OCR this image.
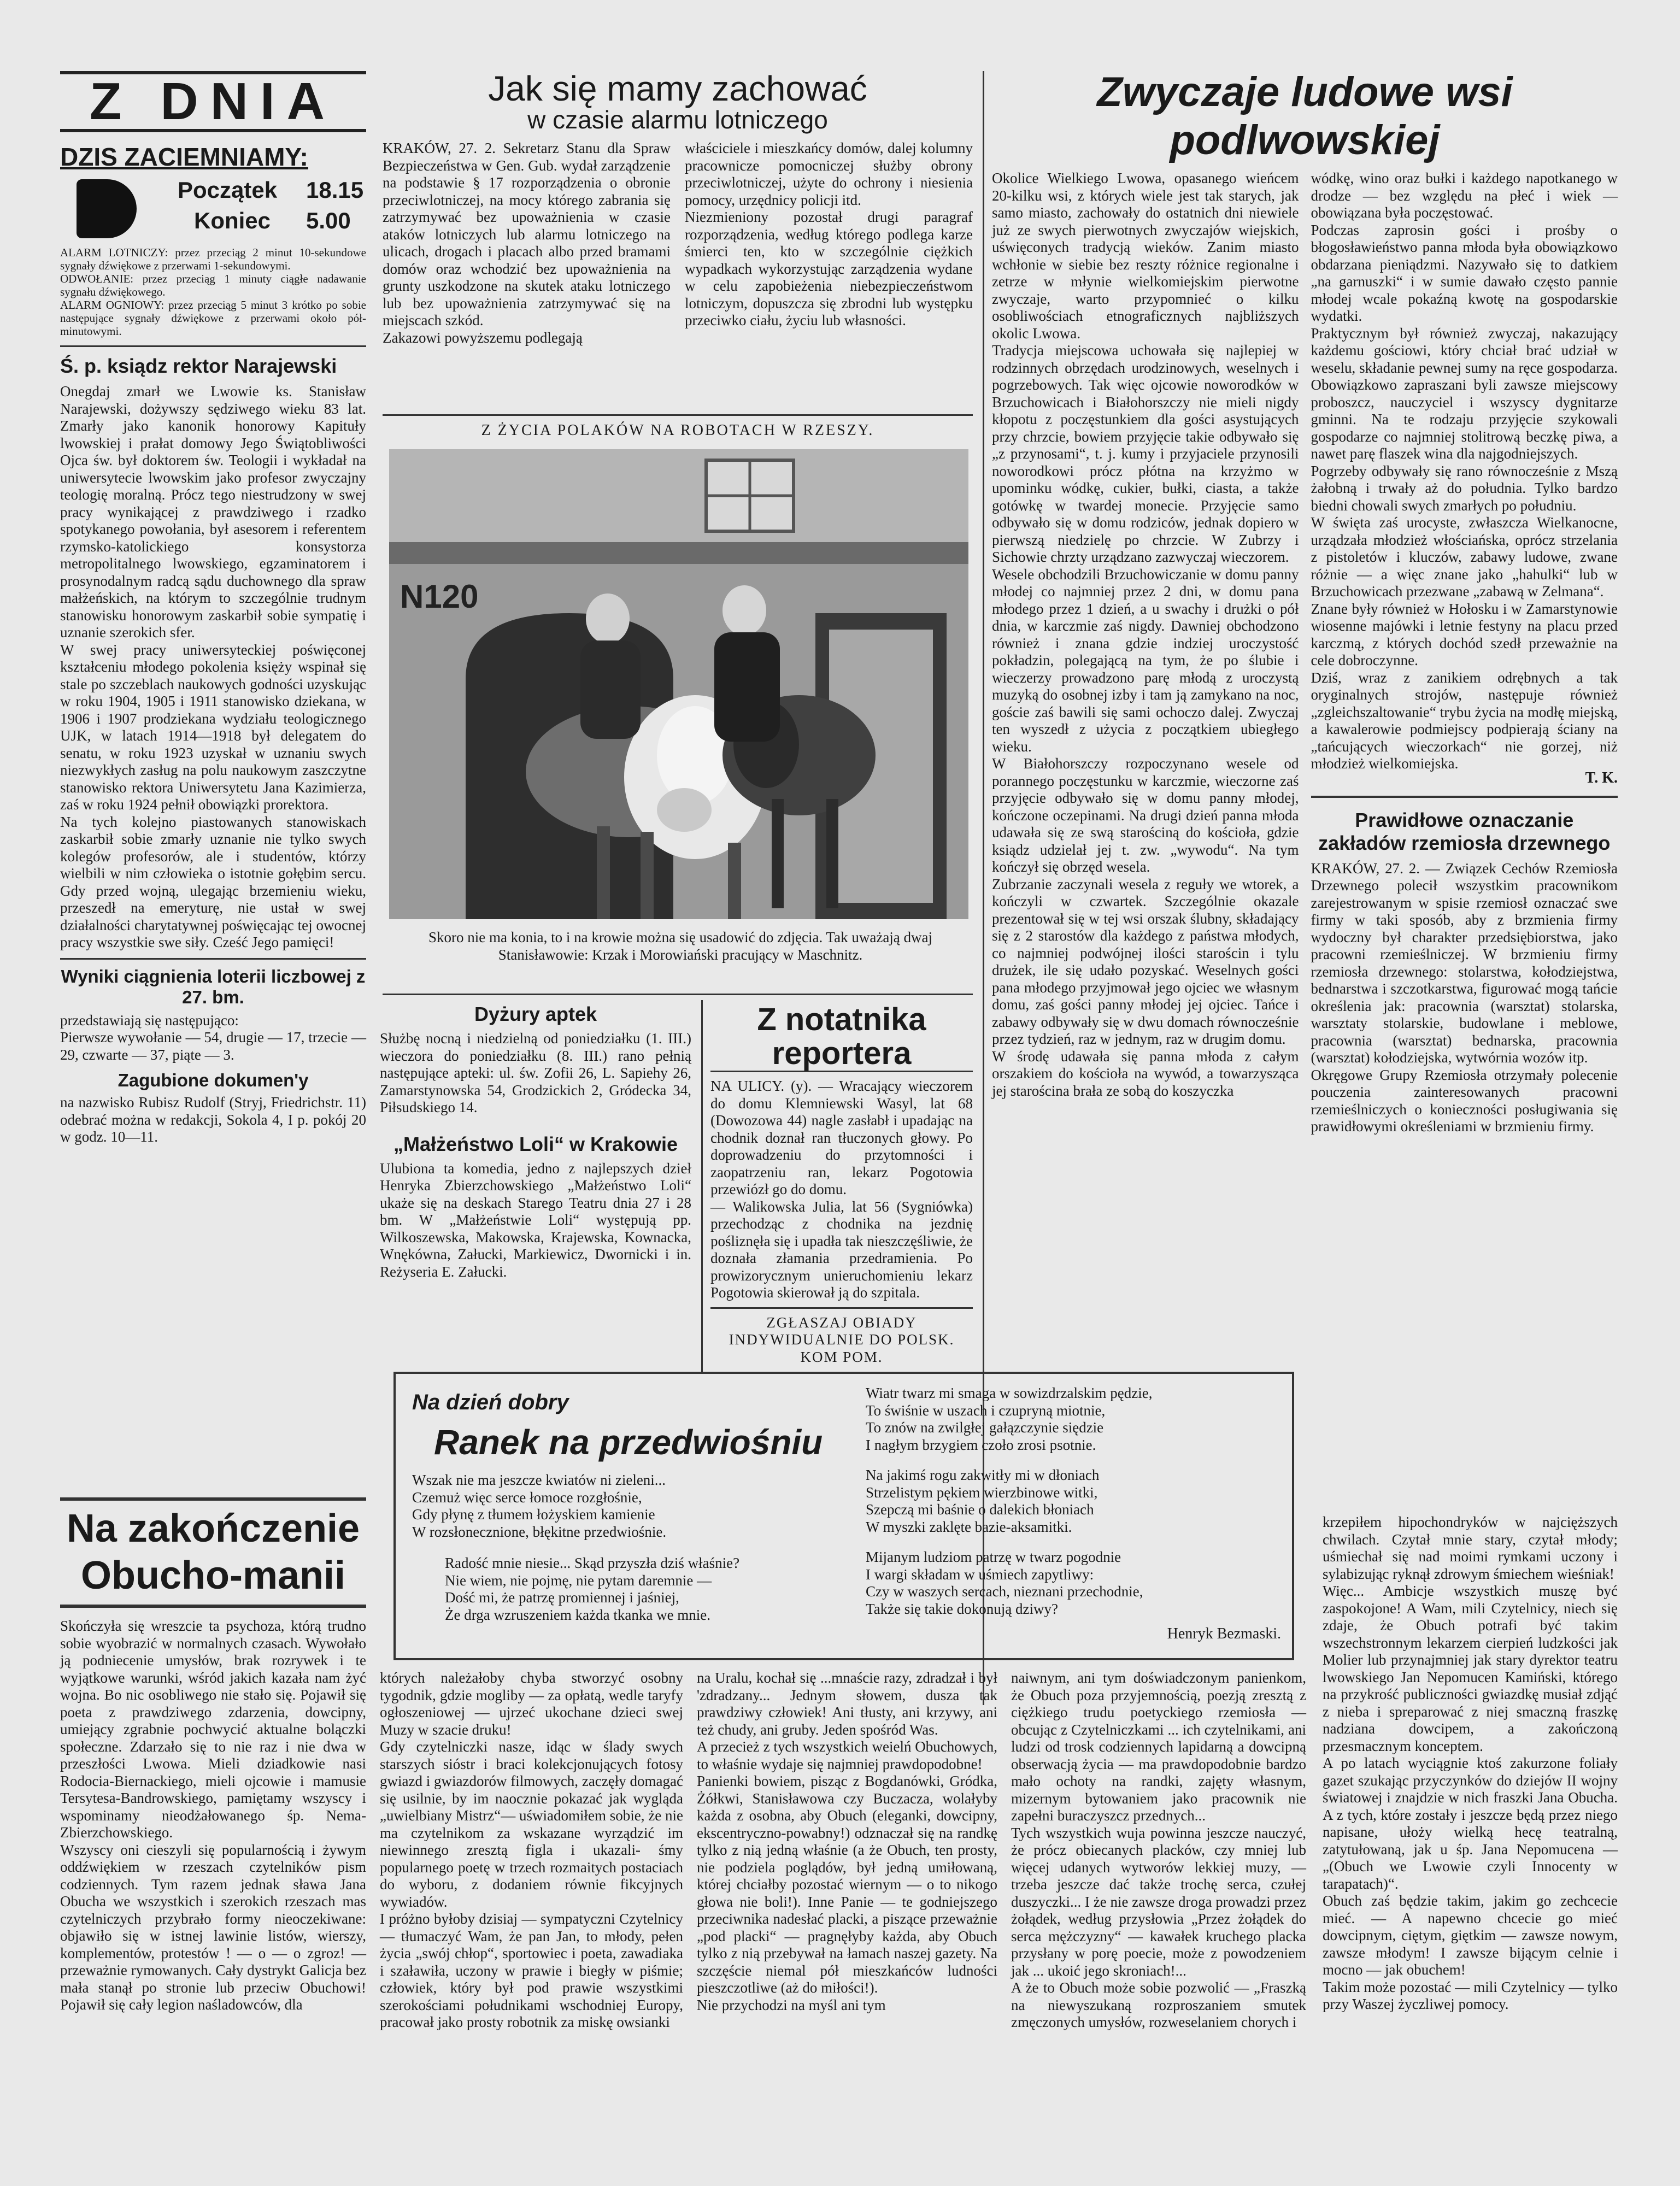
Z DNIA
DZIS ZACIEMNIAMY:
Początek 18.15
Koniec 5.00

ALARM LOTNICZY: przez przeciąg 2 minut 10-sekundowe sygnały dźwiękowe z przerwami 1-sekundowymi.
ODWOŁANIE: przez przeciąg 1 minuty ciągłe nadawanie sygnału dźwiękowego.
ALARM OGNIOWY: przez przeciąg 5 minut 3 krótko po sobie następujące sygnały dźwiękowe z przerwami około pół-minutowymi.

Ś. p. ksiądz rektor Narajewski

Onegdaj zmarł we Lwowie ks. Stanisław Narajewski, dożywszy sędziwego wieku 83 lat. Zmarły jako kanonik honorowy Kapituły lwowskiej i prałat domowy Jego Świątobliwości Ojca św. był doktorem św. Teologii i wykładał na uniwersytecie lwowskim jako profesor zwyczajny teologię moralną. Prócz tego niestrudzony w swej pracy wynikającej z prawdziwego i rzadko spotykanego powołania, był asesorem i referentem rzymsko-katolickiego konsystorza metropolitalnego lwowskiego, egzaminatorem i prosynodalnym radcą sądu duchownego dla spraw małżeńskich, na którym to szczególnie trudnym stanowisku honorowym zaskarbił sobie sympatię i uznanie szerokich sfer.
W swej pracy uniwersyteckiej poświęconej kształceniu młodego pokolenia księży wspinał się stale po szczeblach naukowych godności uzyskując w roku 1904, 1905 i 1911 stanowisko dziekana, w 1906 i 1907 prodziekana wydziału teologicznego UJK, w latach 1914—1918 był delegatem do senatu, w roku 1923 uzyskał w uznaniu swych niezwykłych zasług na polu naukowym zaszczytne stanowisko rektora Uniwersytetu Jana Kazimierza, zaś w roku 1924 pełnił obowiązki prorektora.
Na tych kolejno piastowanych stanowiskach zaskarbił sobie zmarły uznanie nie tylko swych kolegów profesorów, ale i studentów, którzy wielbili w nim człowieka o istotnie gołębim sercu. Gdy przed wojną, ulegając brzemieniu wieku, przeszedł na emeryturę, nie ustał w swej działalności charytatywnej poświęcając tej owocnej pracy wszystkie swe siły. Cześć Jego pamięci!

Wyniki ciągnienia loterii liczbowej z 27. bm.

przedstawiają się następująco:
Pierwsze wywołanie — 54, drugie — 17, trzecie — 29, czwarte — 37, piąte — 3.

Zagubione dokumen'y

na nazwisko Rubisz Rudolf (Stryj, Friedrichstr. 11) odebrać można w redakcji, Sokola 4, I p. pokój 20 w godz. 10—11.

Jak się mamy zachować
w czasie alarmu lotniczego

KRAKÓW, 27. 2. Sekretarz Stanu dla Spraw Bezpieczeństwa w Gen. Gub. wydał zarządzenie na podstawie § 17 rozporządzenia o obronie przeciwlotniczej, na mocy którego zabrania się zatrzymywać bez upoważnienia w czasie ataków lotniczych lub alarmu lotniczego na ulicach, drogach i placach albo przed bramami domów oraz wchodzić bez upoważnienia na grunty uszkodzone na skutek ataku lotniczego lub bez upoważnienia zatrzymywać się na miejscach szkód.
Zakazowi powyższemu podlegają

właściciele i mieszkańcy domów, dalej kolumny pracownicze pomocniczej służby obrony przeciwlotniczej, użyte do ochrony i niesienia pomocy, urzędnicy policji itd.
Niezmieniony pozostał drugi paragraf rozporządzenia, według którego podlega karze śmierci ten, kto w szczególnie ciężkich wypadkach wykorzystując zarządzenia wydane w celu zapobieżenia niebezpieczeństwom lotniczym, dopuszcza się zbrodni lub występku przeciwko ciału, życiu lub własności.

Z ŻYCIA POLAKÓW NA ROBOTACH W RZESZY.
N120

Skoro nie ma konia, to i na krowie można się usadowić do zdjęcia. Tak uważają dwaj Stanisławowie: Krzak i Morowiański pracujący w Maschnitz.

Dyżury aptek

Służbę nocną i niedzielną od poniedziałku (1. III.) wieczora do poniedziałku (8. III.) rano pełnią następujące apteki: ul. św. Zofii 26, L. Sapiehy 26, Zamarstynowska 54, Grodzickich 2, Gródecka 34, Piłsudskiego 14.

„Małżeństwo Loli“ w Krakowie

Ulubiona ta komedia, jedno z najlepszych dzieł Henryka Zbierzchowskiego „Małżeństwo Loli“ ukaże się na deskach Starego Teatru dnia 27 i 28 bm. W „Małżeństwie Loli“ występują pp. Wilkoszewska, Makowska, Krajewska, Kownacka, Wnękówna, Załucki, Markiewicz, Dwornicki i in. Reżyseria E. Załucki.

Z notatnika reportera

NA ULICY. (y). — Wracający wieczorem do domu Klemniewski Wasyl, lat 68 (Dowozowa 44) nagle zasłabł i upadając na chodnik doznał ran tłuczonych głowy. Po doprowadzeniu do przytomności i zaopatrzeniu ran, lekarz Pogotowia przewiózł go do domu.
— Walikowska Julia, lat 56 (Sygniówka) przechodząc z chodnika na jezdnię pośliznęła się i upadła tak nieszczęśliwie, że doznała złamania przedramienia. Po prowizorycznym unieruchomieniu lekarz Pogotowia skierował ją do szpitala.

ZGŁASZAJ OBIADY INDYWIDUALNIE DO POLSK. KOM POM.

Zwyczaje ludowe wsi podlwowskiej

Okolice Wielkiego Lwowa, opasanego wieńcem 20-kilku wsi, z których wiele jest tak starych, jak samo miasto, zachowały do ostatnich dni niewiele już ze swych pierwotnych zwyczajów wiejskich, uświęconych tradycją wieków. Zanim miasto wchłonie w siebie bez reszty różnice regionalne i zetrze w młynie wielkomiejskim pierwotne zwyczaje, warto przypomnieć o kilku osobliwościach etnograficznych najbliższych okolic Lwowa.
Tradycja miejscowa uchowała się najlepiej w rodzinnych obrzędach urodzinowych, weselnych i pogrzebowych. Tak więc ojcowie noworodków w Brzuchowicach i Białohorszczy nie mieli nigdy kłopotu z poczęstunkiem dla gości asystujących przy chrzcie, bowiem przyjęcie takie odbywało się „z przynosami“, t. j. kumy i przyjaciele przynosili noworodkowi prócz płótna na krzyżmo w upominku wódkę, cukier, bułki, ciasta, a także gotówkę w twardej monecie. Przyjęcie samo odbywało się w domu rodziców, jednak dopiero w pierwszą niedzielę po chrzcie. W Zubrzy i Sichowie chrzty urządzano zazwyczaj wieczorem.
Wesele obchodzili Brzuchowiczanie w domu panny młodej co najmniej przez 2 dni, w domu pana młodego przez 1 dzień, a u swachy i drużki o pół dnia, w karczmie zaś nigdy. Dawniej obchodzono również i znana gdzie indziej uroczystość pokładzin, polegającą na tym, że po ślubie i wieczerzy prowadzono parę młodą z uroczystą muzyką do osobnej izby i tam ją zamykano na noc, goście zaś bawili się sami ochoczo dalej. Zwyczaj ten wyszedł z użycia z początkiem ubiegłego wieku.
W Białohorszczy rozpoczynano wesele od porannego poczęstunku w karczmie, wieczorne zaś przyjęcie odbywało się w domu panny młodej, kończone oczepinami. Na drugi dzień panna młoda udawała się ze swą starościną do kościoła, gdzie ksiądz udzielał jej t. zw. „wywodu“. Na tym kończył się obrzęd wesela.
Zubrzanie zaczynali wesela z reguły we wtorek, a kończyli w czwartek. Szczególnie okazale prezentował się w tej wsi orszak ślubny, składający się z 2 starostów dla każdego z państwa młodych, co najmniej podwójnej ilości starościn i tylu drużek, ile się udało pozyskać. Weselnych gości pana młodego przyjmował jego ojciec we własnym domu, zaś gości panny młodej jej ojciec. Tańce i zabawy odbywały się w dwu domach równocześnie przez tydzień, raz w jednym, raz w drugim domu.
W środę udawała się panna młoda z całym orszakiem do kościoła na wywód, a towarzysząca jej starościna brała ze sobą do koszyczka

wódkę, wino oraz bułki i każdego napotkanego w drodze — bez względu na płeć i wiek — obowiązana była poczęstować.
Podczas zaprosin gości i prośby o błogosławieństwo panna młoda była obowiązkowo obdarzana pieniądzmi. Nazywało się to datkiem „na garnuszki“ i w sumie dawało często pannie młodej wcale pokaźną kwotę na gospodarskie wydatki.
Praktycznym był również zwyczaj, nakazujący każdemu gościowi, który chciał brać udział w weselu, składanie pewnej sumy na ręce gospodarza. Obowiązkowo zapraszani byli zawsze miejscowy proboszcz, nauczyciel i wszyscy dygnitarze gminni. Na te rodzaju przyjęcie szykowali gospodarze co najmniej stolitrową beczkę piwa, a nawet parę flaszek wina dla najgodniejszych.
Pogrzeby odbywały się rano równocześnie z Mszą żałobną i trwały aż do południa. Tylko bardzo biedni chowali swych zmarłych po południu.
W święta zaś urocyste, zwłaszcza Wielkanocne, urządzała młodzież włościańska, oprócz strzelania z pistoletów i kluczów, zabawy ludowe, zwane różnie — a więc znane jako „hahulki“ lub w Brzuchowicach przezwane „zabawą w Zelmana“.
Znane były również w Hołosku i w Zamarstynowie wiosenne majówki i letnie festyny na placu przed karczmą, z których dochód szedł przeważnie na cele dobroczynne.
Dziś, wraz z zanikiem odrębnych a tak oryginalnych strojów, następuje również „zgleichszaltowanie“ trybu życia na modłę miejską, a kawalerowie podmiejscy podpierają ściany na „tańcujących wieczorkach“ nie gorzej, niż młodzież wielkomiejska.

T. K.
Prawidłowe oznaczanie zakładów rzemiosła drzewnego

KRAKÓW, 27. 2. — Związek Cechów Rzemiosła Drzewnego polecił wszystkim pracownikom zarejestrowanym w spisie rzemiosł oznaczać swe firmy w taki sposób, aby z brzmienia firmy wydoczny był charakter przedsiębiorstwa, jako pracowni rzemieślniczej. W brzmieniu firmy rzemiosła drzewnego: stolarstwa, kołodziejstwa, bednarstwa i szczotkarstwa, figurować mogą tańcie określenia jak: pracownia (warsztat) stolarska, warsztaty stolarskie, budowlane i meblowe, pracownia (warsztat) bednarska, pracownia (warsztat) kołodziejska, wytwórnia wozów itp.
Okręgowe Grupy Rzemiosła otrzymały polecenie pouczenia zainteresowanych pracowni rzemieślniczych o konieczności posługiwania się prawidłowymi określeniami w brzmieniu firmy.

Na dzień dobry
Ranek na przedwiośniu

Wszak nie ma jeszcze kwiatów ni zieleni...
Czemuż więc serce łomoce rozgłośnie,
Gdy płynę z tłumem łożyskiem kamienie
W rozsłonecznione, błękitne przedwiośnie.

Radość mnie niesie... Skąd przyszła dziś właśnie?
Nie wiem, nie pojmę, nie pytam daremnie —
Dość mi, że patrzę promiennej i jaśniej,
Że drga wzruszeniem każda tkanka we mnie.

Wiatr twarz mi smaga w sowizdrzalskim pędzie,
To świśnie w uszach i czupryną miotnie,
To znów na zwilgłej gałązczynie siędzie
I nagłym brzygiem czoło zrosi psotnie.

Na jakimś rogu zakwitły mi w dłoniach
Strzelistym pękiem wierzbinowe witki,
Szepczą mi baśnie o dalekich błoniach
W myszki zaklęte bazie-aksamitki.

Mijanym ludziom patrzę w twarz pogodnie
I wargi składam w uśmiech zapytliwy:
Czy w waszych sercach, nieznani przechodnie,
Także się takie dokonują dziwy?

Henryk Bezmaski.
Na zakończenie
Obucho-manii

Skończyła się wreszcie ta psychoza, którą trudno sobie wyobrazić w normalnych czasach. Wywołało ją podniecenie umysłów, brak rozrywek i te wyjątkowe warunki, wśród jakich kazała nam żyć wojna. Bo nic osobliwego nie stało się. Pojawił się poeta z prawdziwego zdarzenia, dowcipny, umiejący zgrabnie pochwycić aktualne bolączki społeczne. Zdarzało się to nie raz i nie dwa w przeszłości Lwowa. Mieli dziadkowie nasi Rodocia-Biernackiego, mieli ojcowie i mamusie Tersytesa-Bandrowskiego, pamiętamy wszyscy i wspominamy nieodżałowanego śp. Nema-Zbierzchowskiego.
Wszyscy oni cieszyli się popularnością i żywym oddźwiękiem w rzeszach czytelników pism codziennych. Tym razem jednak sława Jana Obucha we wszystkich i szerokich rzeszach mas czytelniczych przybrało formy nieoczekiwane: objawiło się w istnej lawinie listów, wierszy, komplementów, protestów ! — o — o zgroz! — przeważnie rymowanych. Cały dystrykt Galicja bez mała stanął po stronie lub przeciw Obuchowi! Pojawił się cały legion naśladowców, dla

których należałoby chyba stworzyć osobny tygodnik, gdzie mogliby — za opłatą, wedle taryfy ogłoszeniowej — ujrzeć ukochane dzieci swej Muzy w szacie druku!
Gdy czytelniczki nasze, idąc w ślady swych starszych sióstr i braci kolekcjonujących fotosy gwiazd i gwiazdorów filmowych, zaczęły domagać się usilnie, by im naocznie pokazać jak wygląda „uwielbiany Mistrz“— uświadomiłem sobie, że nie ma czytelnikom za wskazane wyrządzić im niewinnego zresztą figla i ukazali- śmy popularnego poetę w trzech rozmaitych postaciach do wyboru, z dodaniem równie fikcyjnych wywiadów.
I próżno byłoby dzisiaj — sympatyczni Czytelnicy — tłumaczyć Wam, że pan Jan, to młody, pełen życia „swój chłop“, sportowiec i poeta, zawadiaka i szaławiła, uczony w prawie i biegły w piśmie; człowiek, który był pod prawie wszystkimi szerokościami południkami wschodniej Europy, pracował jako prosty robotnik za miskę owsianki

na Uralu, kochał się ...mnaście razy, zdradzał i był 'zdradzany... Jednym słowem, dusza tak prawdziwy człowiek! Ani tłusty, ani krzywy, ani też chudy, ani gruby. Jeden spośród Was.
A przecież z tych wszystkich weielń Obuchowych, to właśnie wydaje się najmniej prawdopodobne!
Panienki bowiem, pisząc z Bogdanówki, Gródka, Żółkwi, Stanisławowa czy Buczacza, wolałyby każda z osobna, aby Obuch (eleganki, dowcipny, ekscentryczno-powabny!) odznaczał się na randkę tylko z nią jedną właśnie (a że Obuch, ten prosty, nie podziela poglądów, był jedną umiłowaną, której chciałby pozostać wiernym — o to nikogo głowa nie boli!). Inne Panie — te godniejszego przeciwnika nadesłać placki, a piszące przeważnie „pod placki“ — pragnęłyby każda, aby Obuch tylko z nią przebywał na łamach naszej gazety. Na szczęście niemal pół mieszkańców ludności pieszczotliwe (aż do miłości!).
Nie przychodzi na myśl ani tym

naiwnym, ani tym doświadczonym panienkom, że Obuch poza przyjemnością, poezją zresztą z ciężkiego trudu poetyckiego rzemiosła — obcując z Czytelniczkami ... ich czytelnikami, ani ludzi od trosk codziennych lapidarną a dowcipną obserwacją życia — ma prawdopodobnie bardzo mało ochoty na randki, zajęty własnym, mizernym bytowaniem jako pracownik nie zapełni buraczyszcz przednych...
Tych wszystkich wuja powinna jeszcze nauczyć, że prócz obiecanych placków, czy mniej lub więcej udanych wytworów lekkiej muzy, — trzeba jeszcze dać także trochę serca, czułej duszyczki... I że nie zawsze droga prowadzi przez żołądek, według przysłowia „Przez żołądek do serca mężczyzny“ — kawałek kruchego placka przysłany w porę poecie, może z powodzeniem jak ... ukoić jego skroniach!...
A że to Obuch może sobie pozwolić — „Fraszką na niewyszukaną rozproszaniem smutek zmęczonych umysłów, rozweselaniem chorych i

krzepiłem hipochondryków w najcięższych chwilach. Czytał mnie stary, czytał młody; uśmiechał się nad moimi rymkami uczony i sylabizując ryknął zdrowym śmiechem wieśniak!
Więc... Ambicje wszystkich muszę być zaspokojone! A Wam, mili Czytelnicy, niech się zdaje, że Obuch potrafi być takim wszechstronnym lekarzem cierpień ludzkości jak Molier lub przynajmniej jak stary dyrektor teatru lwowskiego Jan Nepomucen Kamiński, którego na przykrość publiczności gwiazdkę musiał zdjąć z nieba i spreparować z niej smaczną fraszkę nadziana dowcipem, a zakończoną przesmacznym konceptem.
A po latach wyciągnie ktoś zakurzone foliały gazet szukając przyczynków do dziejów II wojny światowej i znajdzie w nich fraszki Jana Obucha. A z tych, które zostały i jeszcze będą przez niego napisane, ułoży wielką hecę teatralną, zatytułowaną, jak u śp. Jana Nepomucena — „(Obuch we Lwowie czyli Innocenty w tarapatach)“.
Obuch zaś będzie takim, jakim go zechcecie mieć. — A napewno chcecie go mieć dowcipnym, ciętym, giętkim — zawsze nowym, zawsze młodym! I zawsze bijącym celnie i mocno — jak obuchem!
Takim może pozostać — mili Czytelnicy — tylko przy Waszej życzliwej pomocy.
